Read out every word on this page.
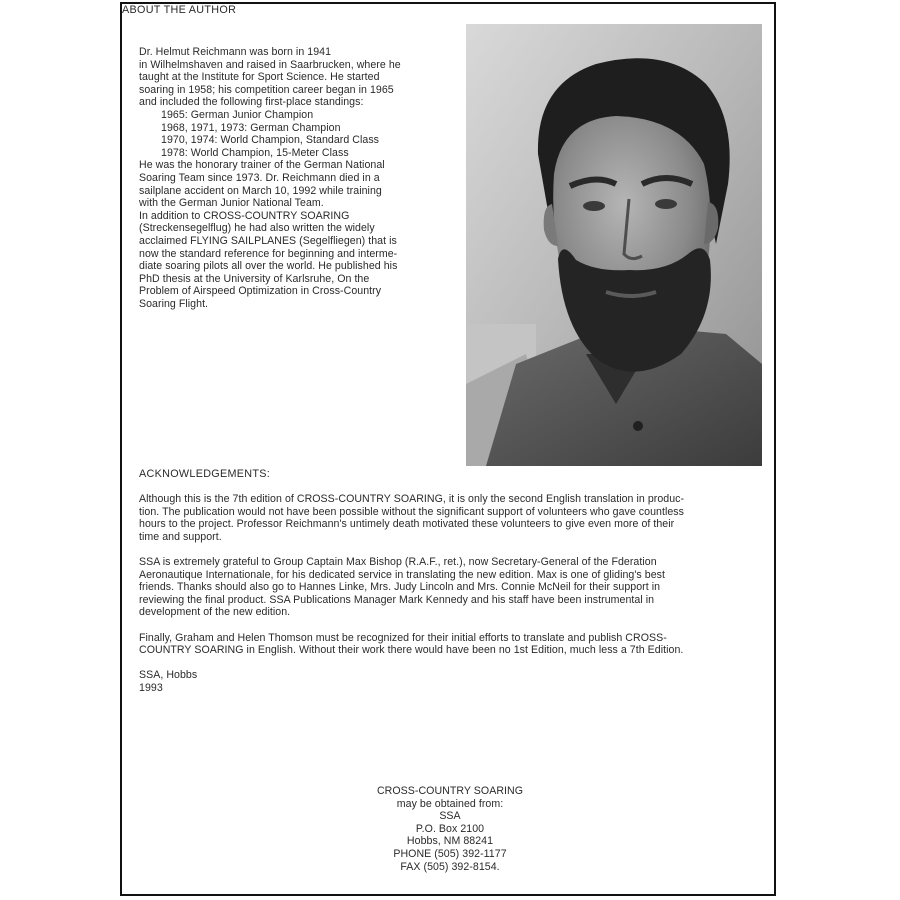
ABOUT THE AUTHOR

Dr. Helmut Reichmann was born in 1941

in Wilhelmshaven and raised in Saarbrucken, where he

taught at the Institute for Sport Science. He started

soaring in 1958; his competition career began in 1965

and included the following first-place standings:

1965: German Junior Champion

1968, 1971, 1973: German Champion

1970, 1974: World Champion, Standard Class

1978: World Champion, 15-Meter Class

He was the honorary trainer of the German National

Soaring Team since 1973. Dr. Reichmann died in a

sailplane accident on March 10, 1992 while training

with the German Junior National Team.

In addition to CROSS-COUNTRY SOARING

(Streckensegelflug) he had also written the widely

acclaimed FLYING SAILPLANES (Segelfliegen) that is

now the standard reference for beginning and interme-

diate soaring pilots all over the world. He published his

PhD thesis at the University of Karlsruhe, On the

Problem of Airspeed Optimization in Cross-Country

Soaring Flight.

ACKNOWLEDGEMENTS:

Although this is the 7th edition of CROSS-COUNTRY SOARING, it is only the second English translation in produc-
tion. The publication would not have been possible without the significant support of volunteers who gave countless
hours to the project. Professor Reichmann's untimely death motivated these volunteers to give even more of their
time and support.

SSA is extremely grateful to Group Captain Max Bishop (R.A.F., ret.), now Secretary-General of the Fderation
Aeronautique Internationale, for his dedicated service in translating the new edition. Max is one of gliding's best
friends. Thanks should also go to Hannes Linke, Mrs. Judy Lincoln and Mrs. Connie McNeil for their support in
reviewing the final product. SSA Publications Manager Mark Kennedy and his staff have been instrumental in
development of the new edition.

Finally, Graham and Helen Thomson must be recognized for their initial efforts to translate and publish CROSS-
COUNTRY SOARING in English. Without their work there would have been no 1st Edition, much less a 7th Edition.

SSA, Hobbs
1993

CROSS-COUNTRY SOARING
may be obtained from:
SSA
P.O. Box 2100
Hobbs, NM 88241
PHONE (505) 392-1177
FAX (505) 392-8154.
